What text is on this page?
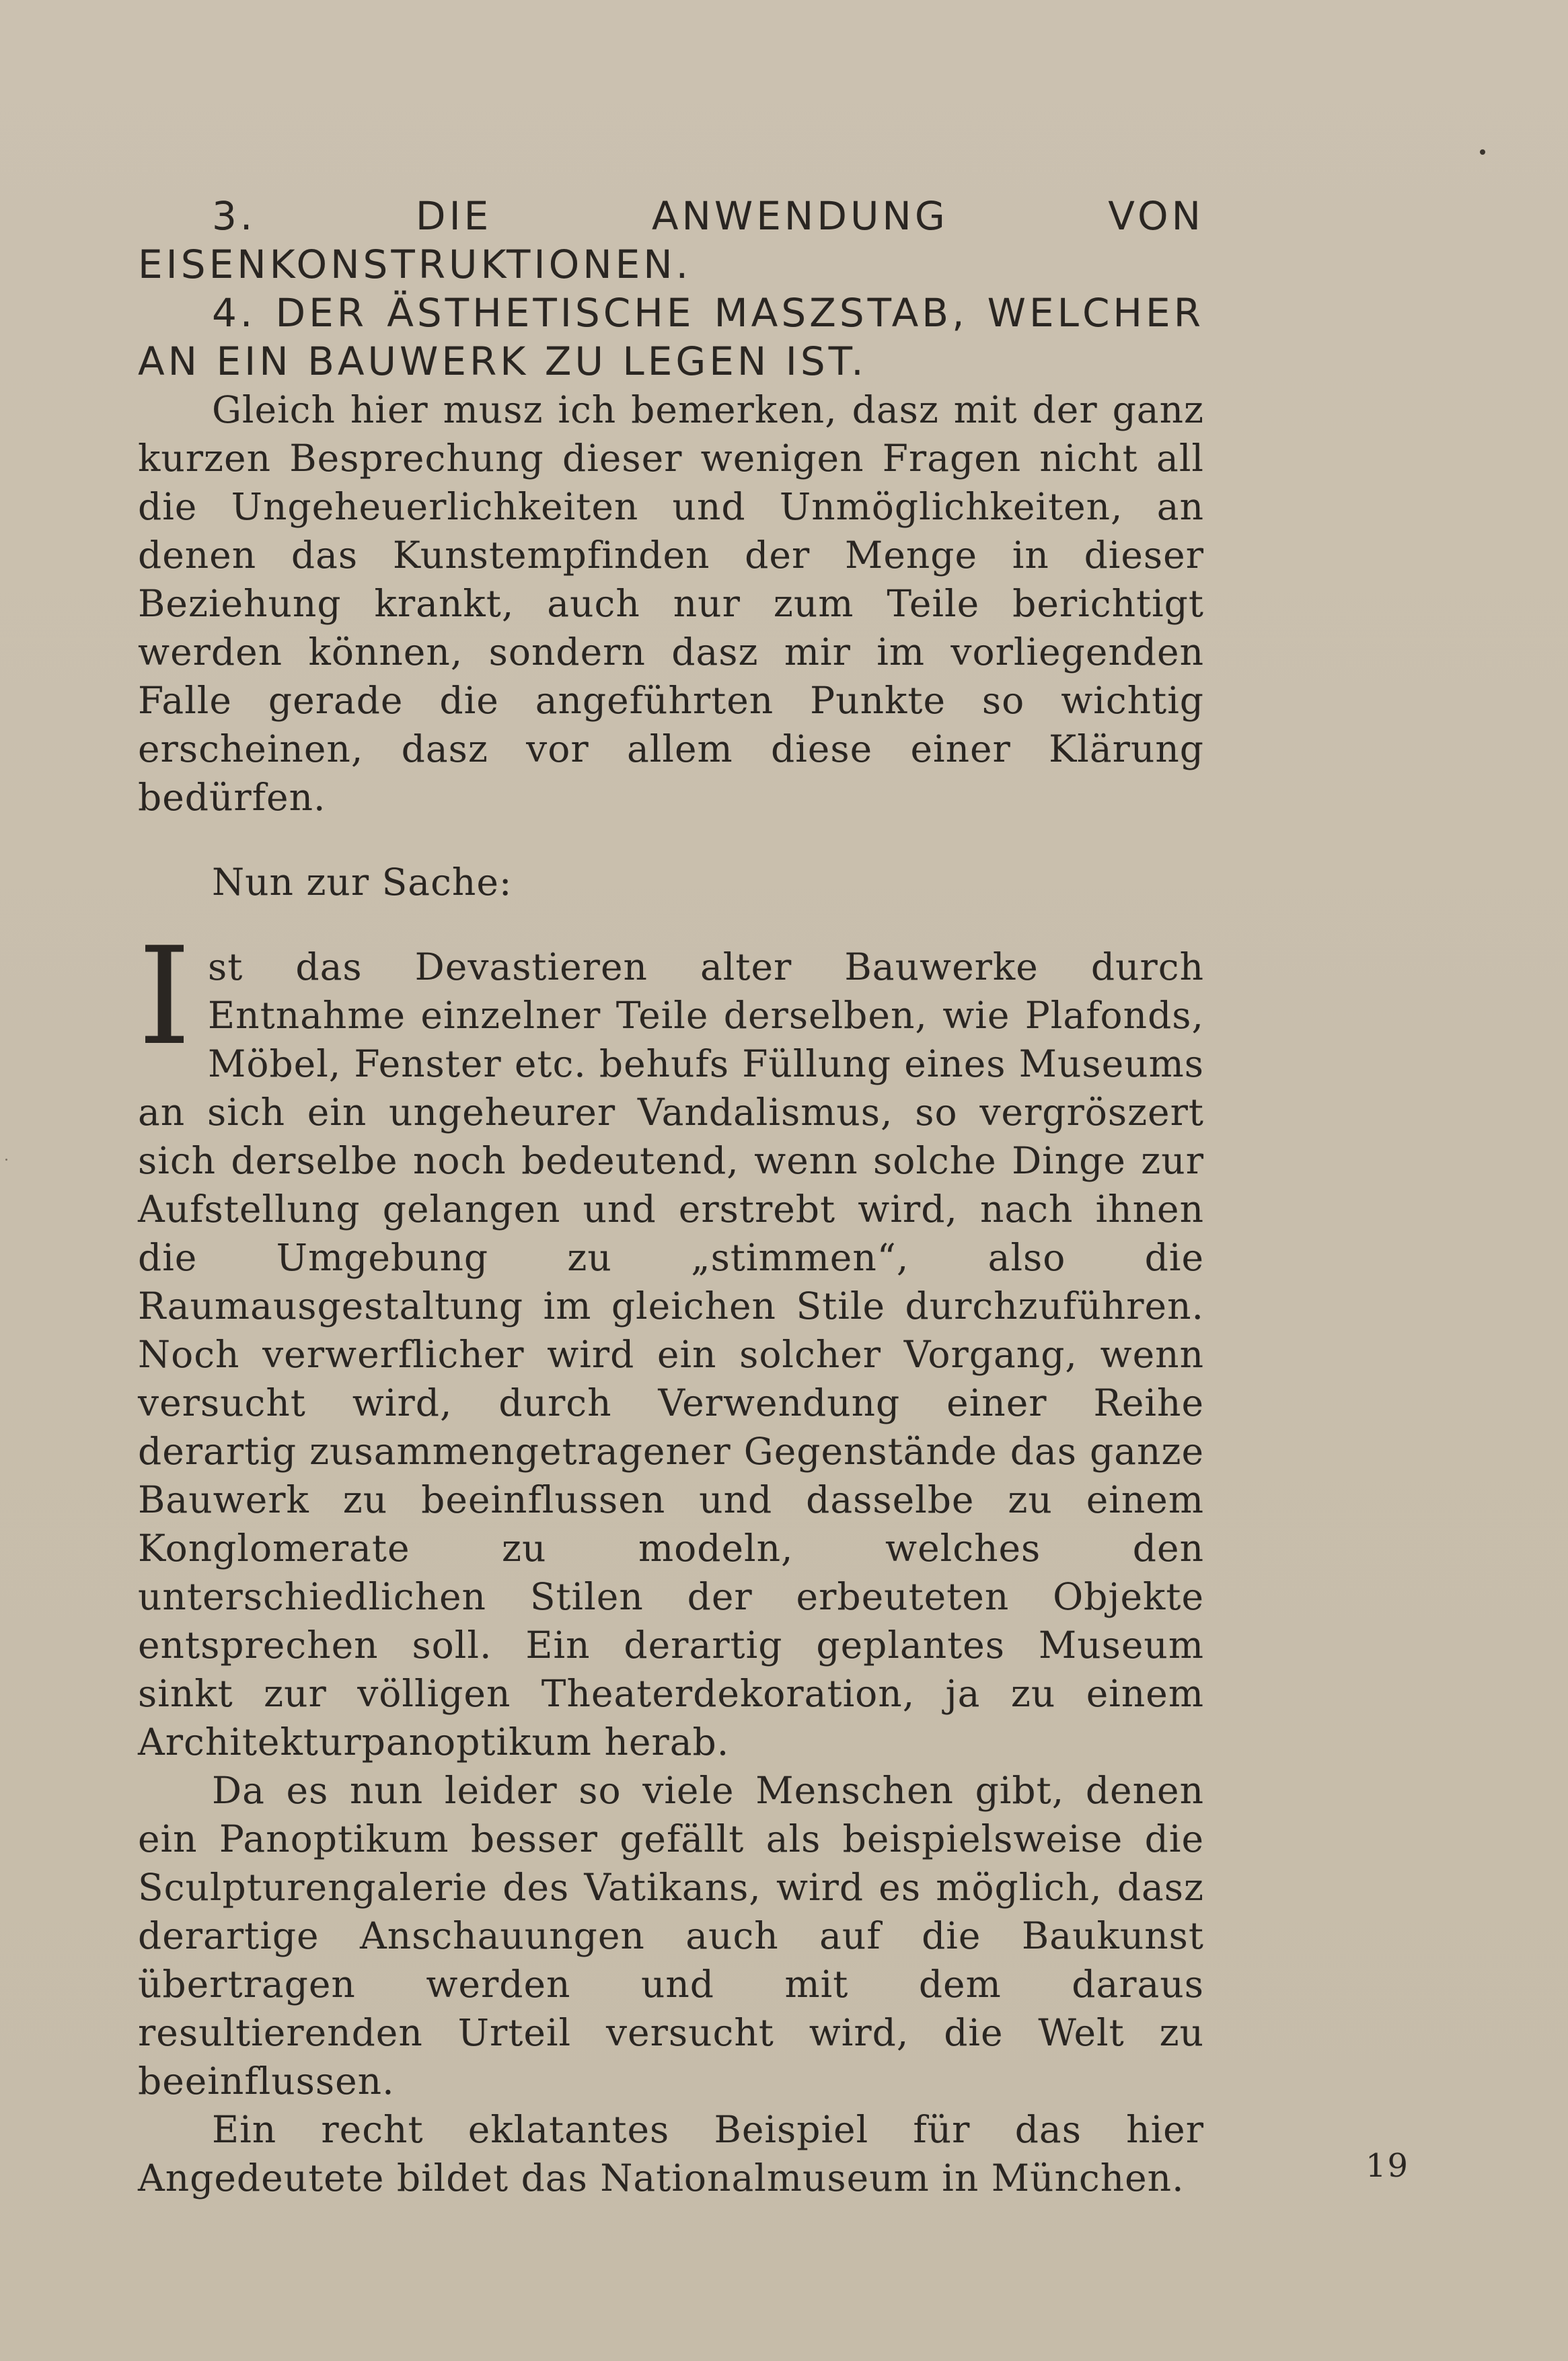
3.	DIE ANWENDUNG VON EISENKONSTRUKTIONEN.

4. DER ÄSTHETISCHE MASZSTAB, WELCHER AN EIN BAUWERK ZU LEGEN IST.

Gleich hier musz ich bemerken, dasz mit der ganz kurzen Besprechung dieser wenigen Fragen nicht all die Ungeheuerlichkeiten und Unmöglichkeiten, an denen das Kunstempfinden der Menge in dieser Beziehung krankt, auch nur zum Teile berichtigt werden können, sondern dasz mir im vorliegenden Falle gerade die angeführten Punkte so wichtig erscheinen, dasz vor allem diese einer Klärung bedürfen.

Nun zur Sache:

Ist das Devastieren alter Bauwerke durch Entnahme einzelner Teile derselben, wie Plafonds, Möbel, Fenster etc. behufs Füllung eines Museums an sich ein ungeheurer Vandalismus, so vergröszert sich derselbe noch bedeutend, wenn solche Dinge zur Aufstellung gelangen und erstrebt wird, nach ihnen die Umgebung zu „stimmen“, also die Raumausgestaltung im gleichen Stile durchzuführen. Noch verwerflicher wird ein solcher Vorgang, wenn versucht wird, durch Verwendung einer Reihe derartig zusammengetragener Gegenstände das ganze Bauwerk zu beeinflussen und dasselbe zu einem Konglomerate zu modeln, welches den unterschiedlichen Stilen der erbeuteten Objekte entsprechen soll. Ein derartig geplantes Museum sinkt zur völligen Theaterdekoration, ja zu einem Architekturpanoptikum herab.

Da es nun leider so viele Menschen gibt, denen ein Panoptikum besser gefällt als beispielsweise die Sculpturengalerie des Vatikans, wird es möglich, dasz derartige Anschauungen auch auf die Baukunst übertragen werden und mit dem daraus resultierenden Urteil versucht wird, die Welt zu beeinflussen.

Ein recht eklatantes Beispiel für das hier Angedeutete bildet das Nationalmuseum in München.	19
